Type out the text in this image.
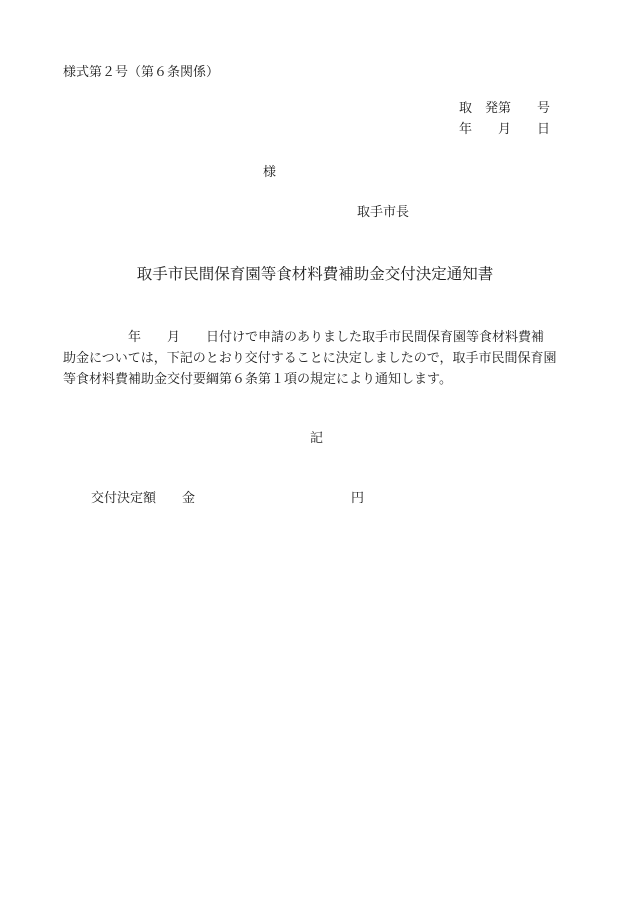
様式第２号（第６条関係）
取　発第　　号
年　　月　　日
様
取手市長
取手市民間保育園等食材料費補助金交付決定通知書
　　　　　年　　月　　日付けで申請のありました取手市民間保育園等食材料費補
助金については，下記のとおり交付することに決定しましたので，取手市民間保育園
等食材料費補助金交付要綱第６条第１項の規定により通知します。
記
交付決定額　　金　　　　　　　　　　　　円
